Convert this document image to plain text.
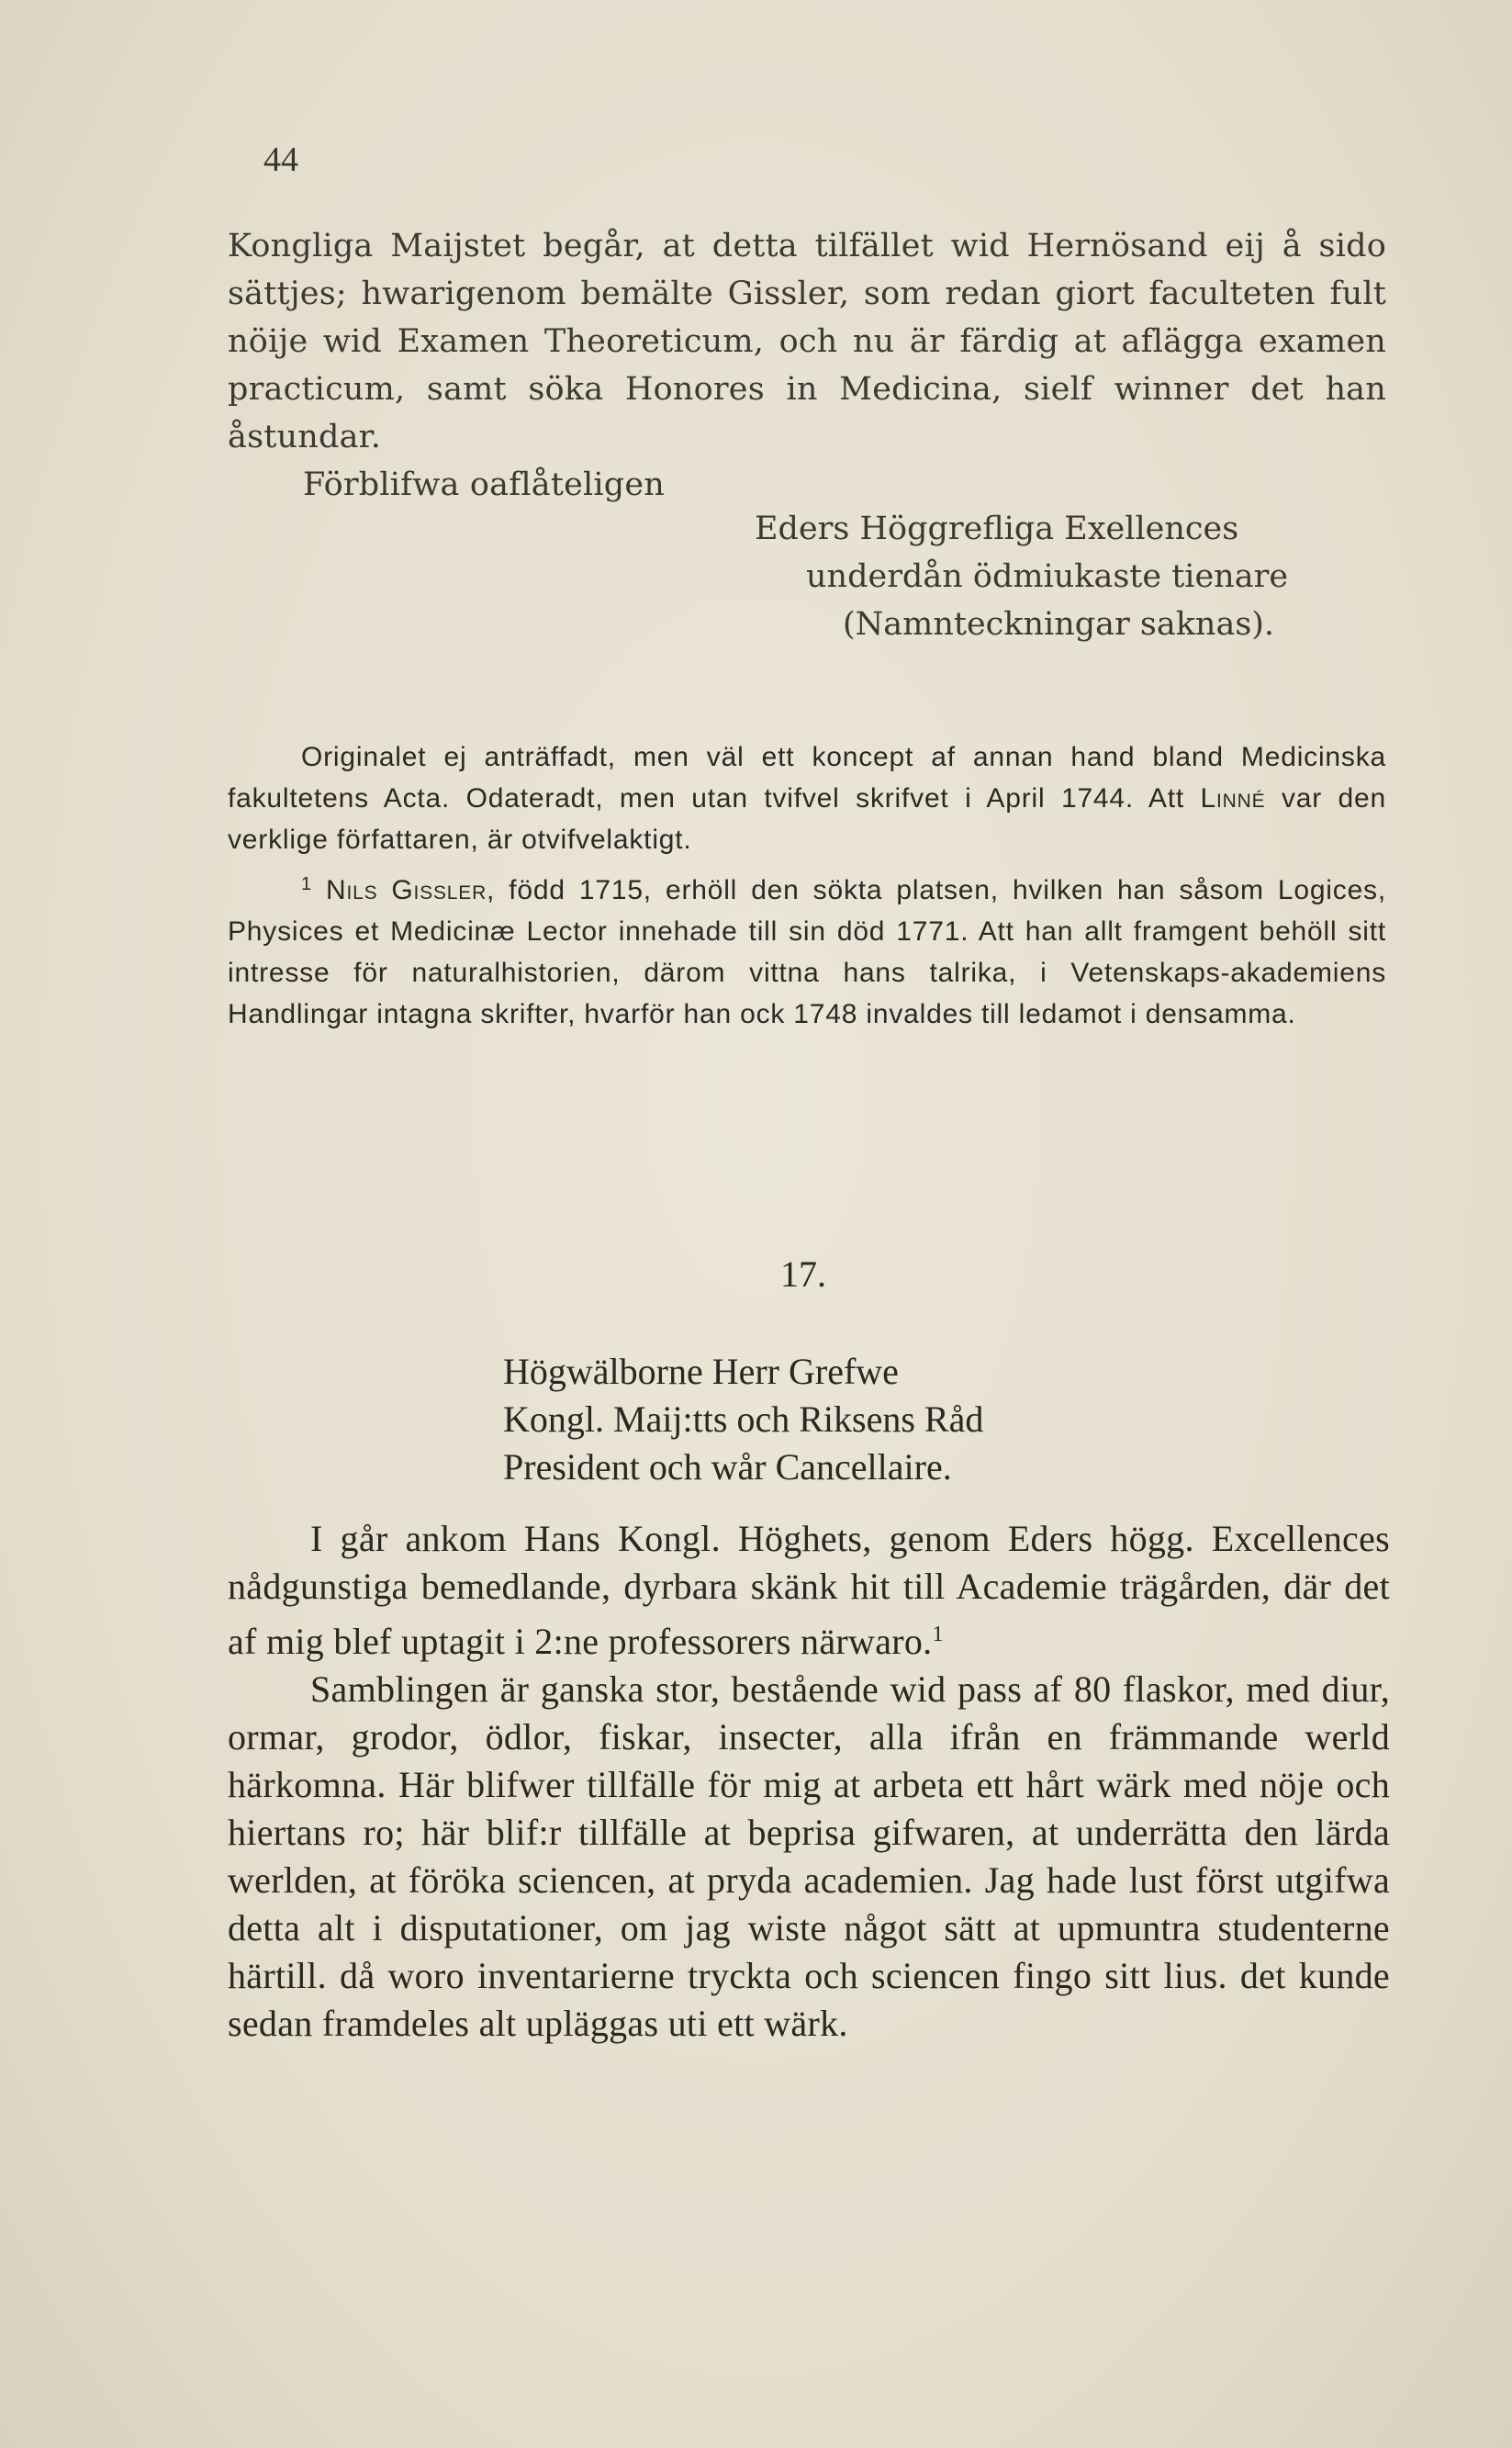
44

Kongliga Maijstet begår, at detta tilfället wid Hernösand eij å sido sättjes; hwarigenom bemälte Gissler, som redan giort faculteten fult nöije wid Examen Theoreticum, och nu är färdig at aflägga examen practicum, samt söka Honores in Medicina, sielf winner det han åstundar.

Förblifwa oaflåteligen

Eders Höggrefliga Exellences
underdån ödmiukaste tienare
(Namnteckningar saknas).

Originalet ej anträffadt, men väl ett koncept af annan hand bland Medicinska fakultetens Acta. Odateradt, men utan tvifvel skrifvet i April 1744. Att Linné var den verklige författaren, är otvifvelaktigt.

$^1$ Nils Gissler, född 1715, erhöll den sökta platsen, hvilken han såsom Logices, Physices et Medicinæ Lector innehade till sin död 1771. Att han allt framgent behöll sitt intresse för naturalhistorien, därom vittna hans talrika, i Vetenskaps-akademiens Handlingar intagna skrifter, hvarför han ock 1748 invaldes till ledamot i densamma.

17.
Högwälborne Herr Grefwe
Kongl. Maij:tts och Riksens Råd
President och wår Cancellaire.

I går ankom Hans Kongl. Höghets, genom Eders högg. Excellences nådgunstiga bemedlande, dyrbara skänk hit till Academie trägården, där det af mig blef uptagit i 2:ne professorers närwaro.$^1$

Samblingen är ganska stor, bestående wid pass af 80 flaskor, med diur, ormar, grodor, ödlor, fiskar, insecter, alla ifrån en främmande werld härkomna. Här blifwer tillfälle för mig at arbeta ett hårt wärk med nöje och hiertans ro; här blif:r tillfälle at beprisa gifwaren, at underrätta den lärda werlden, at föröka sciencen, at pryda academien. Jag hade lust först utgifwa detta alt i disputationer, om jag wiste något sätt at upmuntra studenterne härtill. då woro inventarierne tryckta och sciencen fingo sitt lius. det kunde sedan framdeles alt upläggas uti ett wärk.
